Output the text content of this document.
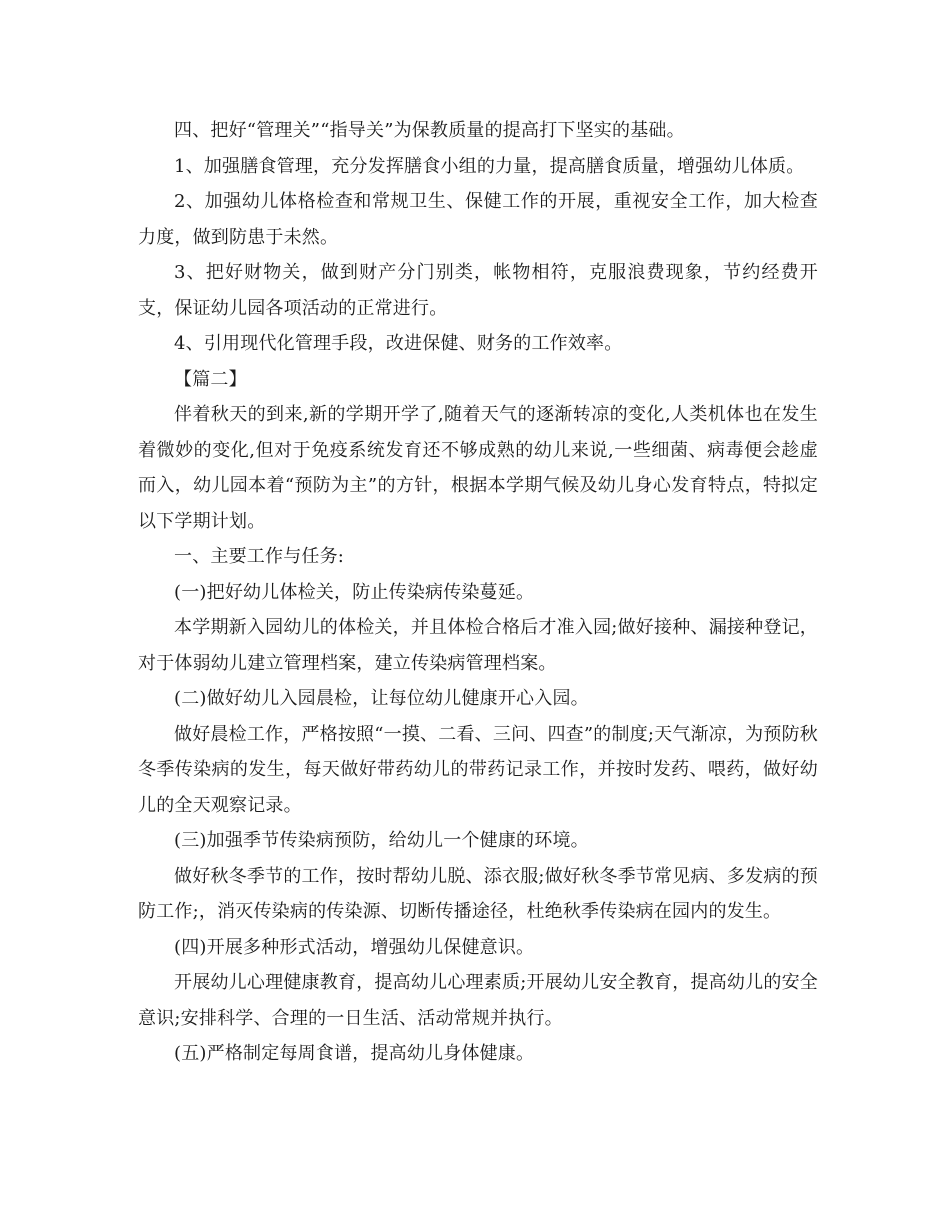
四、把好“管理关”“指导关”为保教质量的提高打下坚实的基础。

1、加强膳食管理，充分发挥膳食小组的力量，提高膳食质量，增强幼儿体质。

2、加强幼儿体格检查和常规卫生、保健工作的开展，重视安全工作，加大检查力度，做到防患于未然。

3、把好财物关，做到财产分门别类，帐物相符，克服浪费现象，节约经费开支，保证幼儿园各项活动的正常进行。

4、引用现代化管理手段，改进保健、财务的工作效率。

【篇二】

伴着秋天的到来,新的学期开学了,随着天气的逐渐转凉的变化,人类机体也在发生着微妙的变化,但对于免疫系统发育还不够成熟的幼儿来说,一些细菌、病毒便会趁虚而入，幼儿园本着“预防为主”的方针，根据本学期气候及幼儿身心发育特点，特拟定以下学期计划。

一、主要工作与任务:

(一)把好幼儿体检关，防止传染病传染蔓延。

本学期新入园幼儿的体检关，并且体检合格后才准入园;做好接种、漏接种登记，对于体弱幼儿建立管理档案，建立传染病管理档案。

(二)做好幼儿入园晨检，让每位幼儿健康开心入园。

做好晨检工作，严格按照“一摸、二看、三问、四查”的制度;天气渐凉，为预防秋冬季传染病的发生，每天做好带药幼儿的带药记录工作，并按时发药、喂药，做好幼儿的全天观察记录。

(三)加强季节传染病预防，给幼儿一个健康的环境。

做好秋冬季节的工作，按时帮幼儿脱、添衣服;做好秋冬季节常见病、多发病的预防工作;，消灭传染病的传染源、切断传播途径，杜绝秋季传染病在园内的发生。

(四)开展多种形式活动，增强幼儿保健意识。

开展幼儿心理健康教育，提高幼儿心理素质;开展幼儿安全教育，提高幼儿的安全意识;安排科学、合理的一日生活、活动常规并执行。

(五)严格制定每周食谱，提高幼儿身体健康。
